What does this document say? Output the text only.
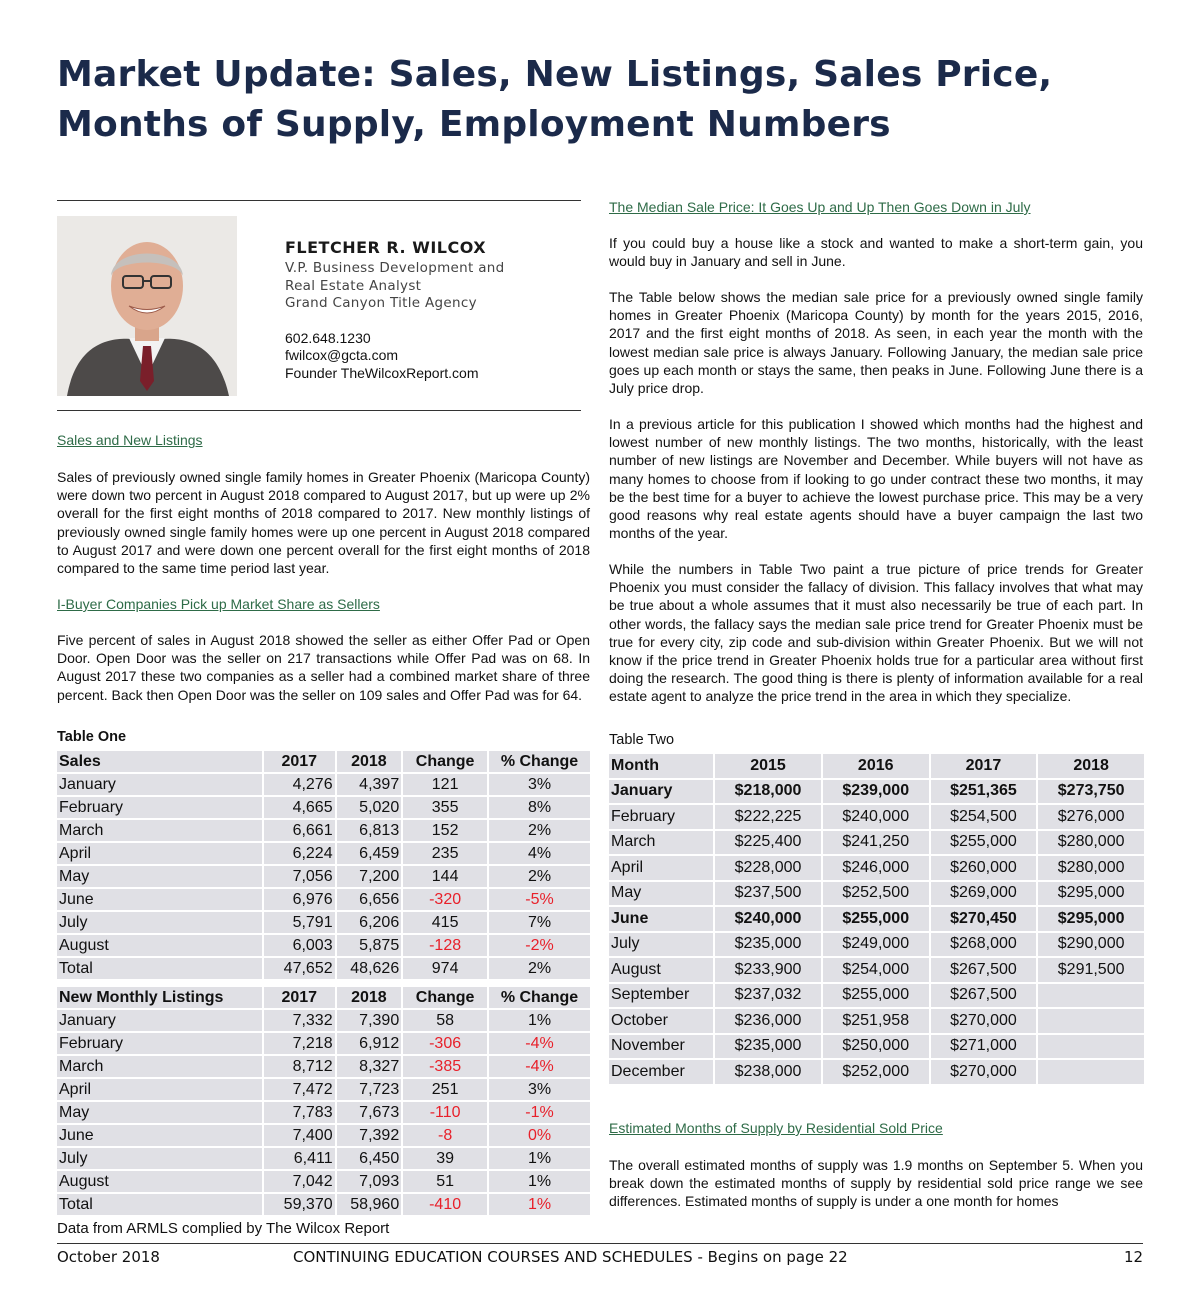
Market Update: Sales, New Listings, Sales Price, Months of Supply, Employment Numbers
FLETCHER R. WILCOX
V.P. Business Development and
Real Estate Analyst
Grand Canyon Title Agency
602.648.1230
fwilcox@gcta.com
Founder TheWilcoxReport.com
Sales and New Listings

Sales of previously owned single family homes in Greater Phoenix (Maricopa County) were down two percent in August 2018 compared to August 2017, but up were up 2% overall for the first eight months of 2018 compared to 2017. New monthly listings of previously owned single family homes were up one percent in August 2018 compared to August 2017 and were down one percent overall for the first eight months of 2018 compared to the same time period last year.

I-Buyer Companies Pick up Market Share as Sellers

Five percent of sales in August 2018 showed the seller as either Offer Pad or Open Door. Open Door was the seller on 217 transactions while Offer Pad was on 68. In August 2017 these two companies as a seller had a combined market share of three percent. Back then Open Door was the seller on 109 sales and Offer Pad was for 64.

Table One
Sales	2017	2018	Change	% Change
January	4,276	4,397	121	3%
February	4,665	5,020	355	8%
March	6,661	6,813	152	2%
April	6,224	6,459	235	4%
May	7,056	7,200	144	2%
June	6,976	6,656	-320	-5%
July	5,791	6,206	415	7%
August	6,003	5,875	-128	-2%
Total	47,652	48,626	974	2%
New Monthly Listings	2017	2018	Change	% Change
January	7,332	7,390	58	1%
February	7,218	6,912	-306	-4%
March	8,712	8,327	-385	-4%
April	7,472	7,723	251	3%
May	7,783	7,673	-110	-1%
June	7,400	7,392	-8	0%
July	6,411	6,450	39	1%
August	7,042	7,093	51	1%
Total	59,370	58,960	-410	1%
Data from ARMLS complied by The Wilcox Report
The Median Sale Price: It Goes Up and Up Then Goes Down in July

If you could buy a house like a stock and wanted to make a short-term gain, you would buy in January and sell in June.

The Table below shows the median sale price for a previously owned single family homes in Greater Phoenix (Maricopa County) by month for the years 2015, 2016, 2017 and the first eight months of 2018. As seen, in each year the month with the lowest median sale price is always January. Following January, the median sale price goes up each month or stays the same, then peaks in June. Following June there is a July price drop.

In a previous article for this publication I showed which months had the highest and lowest number of new monthly listings. The two months, historically, with the least number of new listings are November and December. While buyers will not have as many homes to choose from if looking to go under contract these two months, it may be the best time for a buyer to achieve the lowest purchase price. This may be a very good reasons why real estate agents should have a buyer campaign the last two months of the year.

While the numbers in Table Two paint a true picture of price trends for Greater Phoenix you must consider the fallacy of division. This fallacy involves that what may be true about a whole assumes that it must also necessarily be true of each part. In other words, the fallacy says the median sale price trend for Greater Phoenix must be true for every city, zip code and sub-division within Greater Phoenix. But we will not know if the price trend in Greater Phoenix holds true for a particular area without first doing the research. The good thing is there is plenty of information available for a real estate agent to analyze the price trend in the area in which they specialize.

Table Two
Month	2015	2016	2017	2018
January	$218,000	$239,000	$251,365	$273,750
February	$222,225	$240,000	$254,500	$276,000
March	$225,400	$241,250	$255,000	$280,000
April	$228,000	$246,000	$260,000	$280,000
May	$237,500	$252,500	$269,000	$295,000
June	$240,000	$255,000	$270,450	$295,000
July	$235,000	$249,000	$268,000	$290,000
August	$233,900	$254,000	$267,500	$291,500
September	$237,032	$255,000	$267,500	
October	$236,000	$251,958	$270,000	
November	$235,000	$250,000	$271,000	
December	$238,000	$252,000	$270,000	
Estimated Months of Supply by Residential Sold Price

The overall estimated months of supply was 1.9 months on September 5. When you break down the estimated months of supply by residential sold price range we see differences. Estimated months of supply is under a one month for homes

October 2018	CONTINUING EDUCATION COURSES AND SCHEDULES - Begins on page 22	12
